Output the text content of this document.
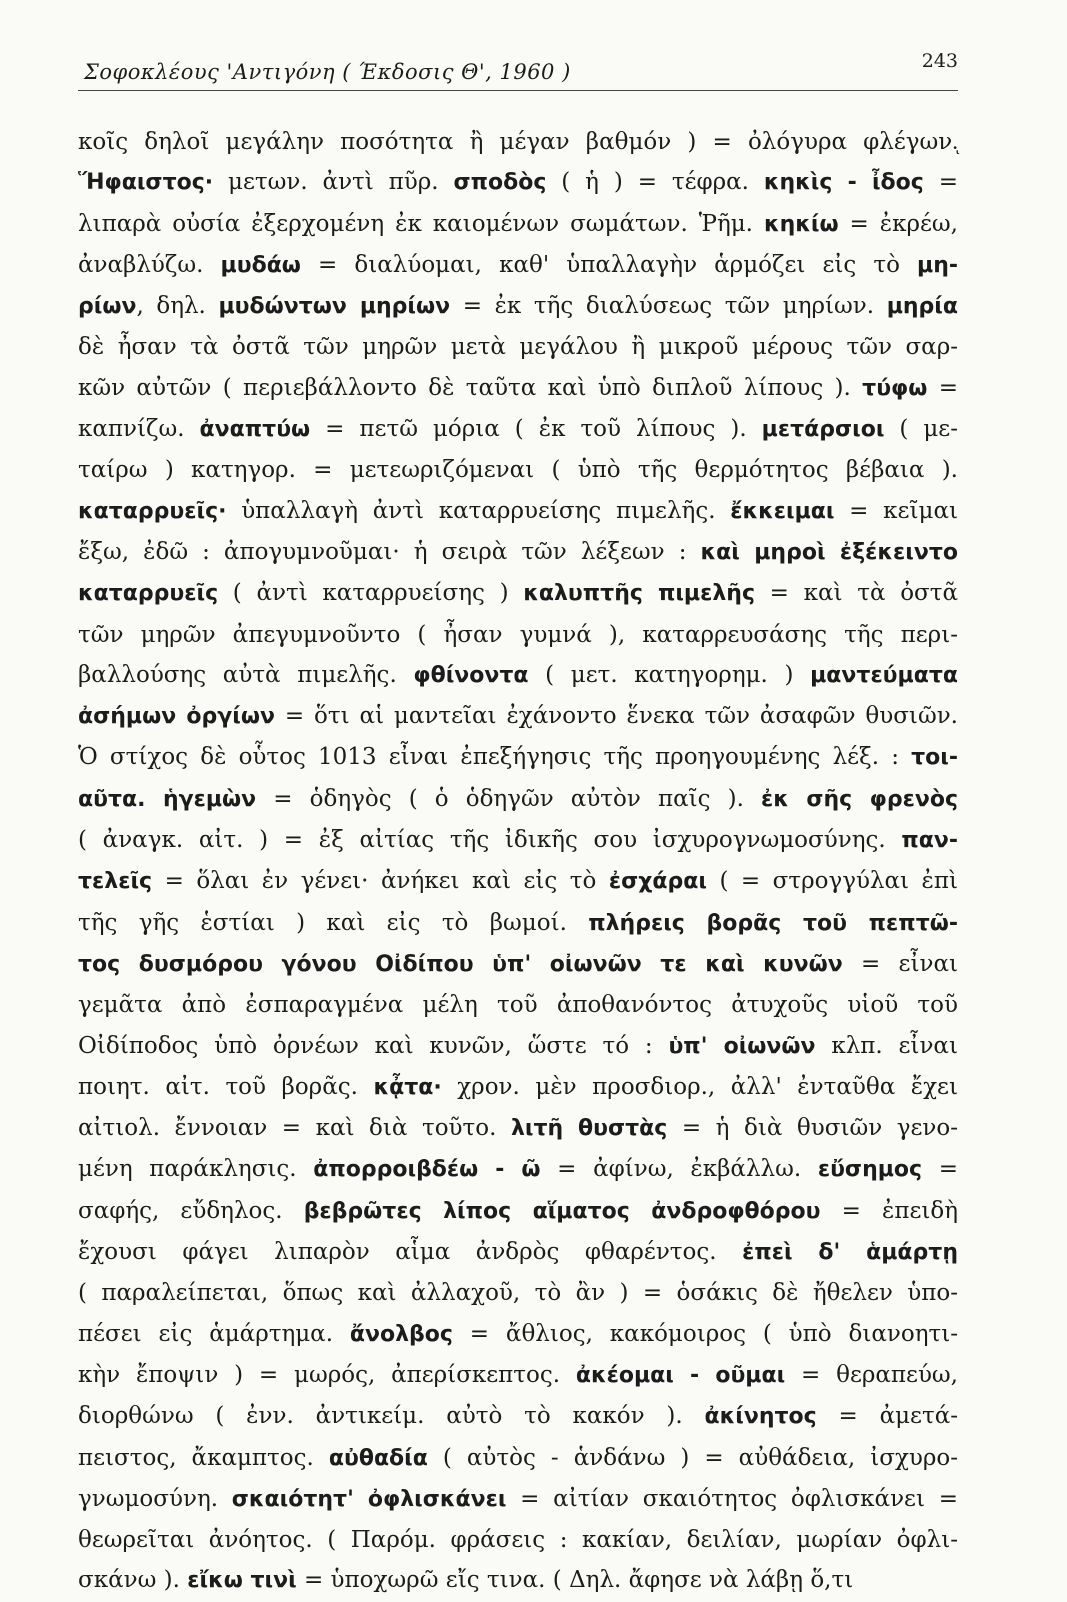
Σοφοκλέους 'Αντιγόνη ( Έκδοσις Θ', 1960 )	243
κοῖς δηλοῖ μεγάλην ποσότητα ἢ μέγαν βαθμόν ) = ὀλόγυρα φλέγων.ͅ
Ἥφαιστος· μετων. ἀντὶ πῦρ. σποδὸς ( ἡ ) = τέφρα. κηκὶς - ἶδος =
λιπαρὰ οὐσία ἐξερχομένη ἐκ καιομένων σωμάτων. Ῥῆμ. κηκίω = ἐκρέω,
ἀναβλύζω. μυδάω = διαλύομαι, καθ' ὑπαλλαγὴν ἁρμόζει εἰς τὸ μη-
ρίων, δηλ. μυδώντων μηρίων = ἐκ τῆς διαλύσεως τῶν μηρίων. μηρία
δὲ ἦσαν τὰ ὀστᾶ τῶν μηρῶν μετὰ μεγάλου ἢ μικροῦ μέρους τῶν σαρ-
κῶν αὐτῶν ( περιεβάλλοντο δὲ ταῦτα καὶ ὑπὸ διπλοῦ λίπους ). τύφω =
καπνίζω. ἀναπτύω = πετῶ μόρια ( ἐκ τοῦ λίπους ). μετάρσιοι ( με-
ταίρω ) κατηγορ. = μετεωριζόμεναι ( ὑπὸ τῆς θερμότητος βέβαια ).
καταρρυεῖς· ὑπαλλαγὴ ἀντὶ καταρρυείσης πιμελῆς. ἔκκειμαι = κεῖμαι
ἔξω, ἐδῶ : ἀπογυμνοῦμαι· ἡ σειρὰ τῶν λέξεων : καὶ μηροὶ ἐξέκειντο
καταρρυεῖς ( ἀντὶ καταρρυείσης ) καλυπτῆς πιμελῆς = καὶ τὰ ὀστᾶ
τῶν μηρῶν ἀπεγυμνοῦντο ( ἦσαν γυμνά ), καταρρευσάσης τῆς περι-
βαλλούσης αὐτὰ πιμελῆς. φθίνοντα ( μετ. κατηγορημ. ) μαντεύματα
ἀσήμων ὀργίων = ὅτι αἱ μαντεῖαι ἐχάνοντο ἕνεκα τῶν ἀσαφῶν θυσιῶν.
Ὁ στίχος δὲ οὗτος 1013 εἶναι ἐπεξήγησις τῆς προηγουμένης λέξ. : τοι-
αῦτα. ἡγεμὼν = ὁδηγὸς ( ὁ ὁδηγῶν αὐτὸν παῖς ). ἐκ σῆς φρενὸς
( ἀναγκ. αἰτ. ) = ἐξ αἰτίας τῆς ἰδικῆς σου ἰσχυρογνωμοσύνης. παν-
τελεῖς = ὅλαι ἐν γένει· ἀνήκει καὶ εἰς τὸ ἐσχάραι ( = στρογγύλαι ἐπὶ
τῆς γῆς ἑστίαι ) καὶ εἰς τὸ βωμοί. πλήρεις βορᾶς τοῦ πεπτῶ-
τος δυσμόρου γόνου Οἰδίπου ὑπ' οἰωνῶν τε καὶ κυνῶν = εἶναι
γεμᾶτα ἀπὸ ἐσπαραγμένα μέλη τοῦ ἀποθανόντος ἀτυχοῦς υἱοῦ τοῦ
Οἰδίποδος ὑπὸ ὀρνέων καὶ κυνῶν, ὥστε τό : ὑπ' οἰωνῶν κλπ. εἶναι
ποιητ. αἰτ. τοῦ βορᾶς. κᾆτα· χρον. μὲν προσδιορ., ἀλλ' ἐνταῦθα ἔχει
αἰτιολ. ἔννοιαν = καὶ διὰ τοῦτο. λιτῆ θυστὰς = ἡ διὰ θυσιῶν γενο-
μένη παράκλησις. ἀπορροιβδέω - ῶ = ἀφίνω, ἐκβάλλω. εὔσημος =
σαφής, εὔδηλος. βεβρῶτες λίπος αἵματος ἀνδροφθόρου = ἐπειδὴ
ἔχουσι φάγει λιπαρὸν αἷμα ἀνδρὸς φθαρέντος. ἐπεὶ δ' ἁμάρτῃ
( παραλείπεται, ὅπως καὶ ἀλλαχοῦ, τὸ ἂν ) = ὁσάκις δὲ ἤθελεν ὑπο-
πέσει εἰς ἁμάρτημα. ἄνολβος = ἄθλιος, κακόμοιρος ( ὑπὸ διανοητι-
κὴν ἔποψιν ) = μωρός, ἀπερίσκεπτος. ἀκέομαι - οῦμαι = θεραπεύω,
διορθώνω ( ἐνν. ἀντικείμ. αὐτὸ τὸ κακόν ). ἀκίνητος = ἀμετά-
πειστος, ἄκαμπτος. αὐθαδία ( αὐτὸς - ἁνδάνω ) = αὐθάδεια, ἰσχυρο-
γνωμοσύνη. σκαιότητ' ὀφλισκάνει = αἰτίαν σκαιότητος ὀφλισκάνει =
θεωρεῖται ἀνόητος. ( Παρόμ. φράσεις : κακίαν, δειλίαν, μωρίαν ὀφλι-
σκάνω ). εἴκω τινὶ = ὑποχωρῶ εἴς τινα. ( Δηλ. ἄφησε νὰ λάβῃ ὅ,τι
